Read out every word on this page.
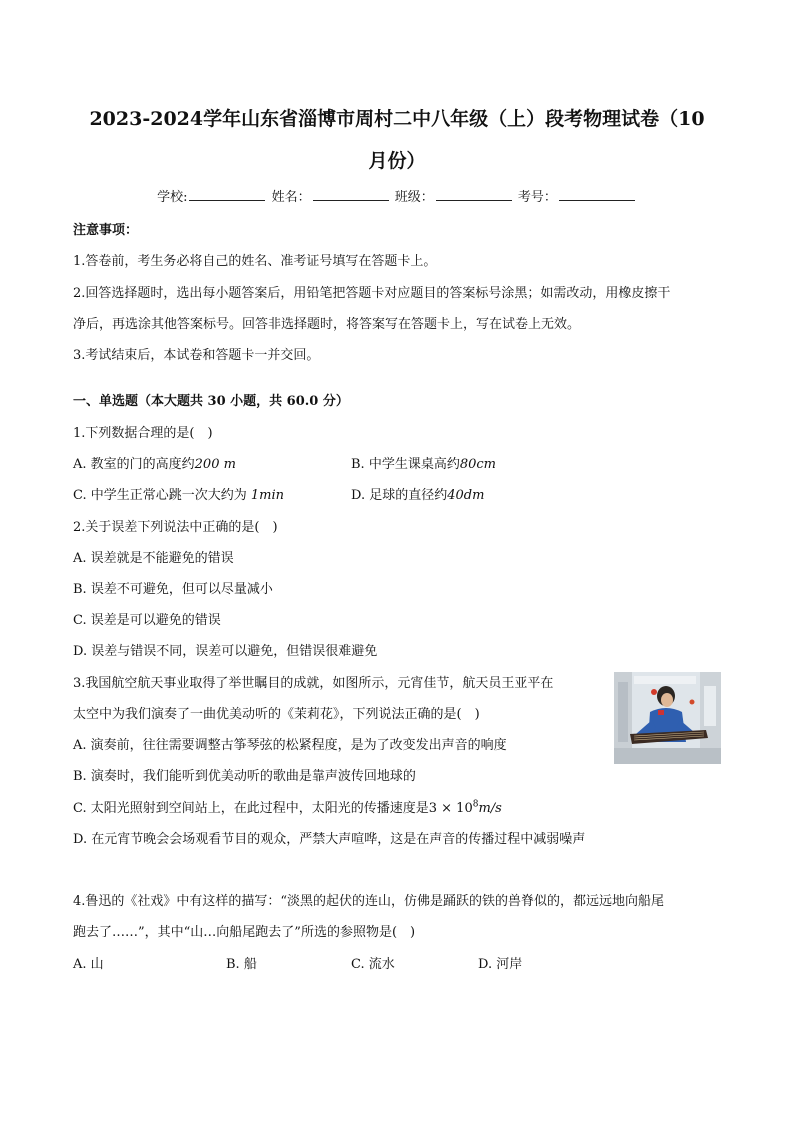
2023-2024学年山东省淄博市周村二中八年级（上）段考物理试卷（10
月份）
学校:	姓名：	班级：	考号：
注意事项：
1.答卷前，考生务必将自己的姓名、准考证号填写在答题卡上。
2.回答选择题时，选出每小题答案后，用铅笔把答题卡对应题目的答案标号涂黑；如需改动，用橡皮擦干
净后，再选涂其他答案标号。回答非选择题时，将答案写在答题卡上，写在试卷上无效。
3.考试结束后，本试卷和答题卡一并交回。
一、单选题（本大题共 30 小题，共 60.0 分）
1.下列数据合理的是(　)
A. 教室的门的高度约200 m	B. 中学生课桌高约80cm
C. 中学生正常心跳一次大约为 1min	D. 足球的直径约40dm
2.关于误差下列说法中正确的是(　)
A. 误差就是不能避免的错误
B. 误差不可避免，但可以尽量减小
C. 误差是可以避免的错误
D. 误差与错误不同，误差可以避免，但错误很难避免
3.我国航空航天事业取得了举世瞩目的成就，如图所示，元宵佳节，航天员王亚平在
太空中为我们演奏了一曲优美动听的《茉莉花》，下列说法正确的是(　)
A. 演奏前，往往需要调整古筝琴弦的松紧程度，是为了改变发出声音的响度
B. 演奏时，我们能听到优美动听的歌曲是靠声波传回地球的
C. 太阳光照射到空间站上，在此过程中，太阳光的传播速度是$3 \times 10^8m/s$
D. 在元宵节晚会会场观看节目的观众，严禁大声喧哗，这是在声音的传播过程中减弱噪声
4.鲁迅的《社戏》中有这样的描写：“淡黑的起伏的连山，仿佛是踊跃的铁的兽脊似的，都远远地向船尾
跑去了……”，其中“山…向船尾跑去了”所选的参照物是(　)
A. 山	B. 船	C. 流水	D. 河岸
